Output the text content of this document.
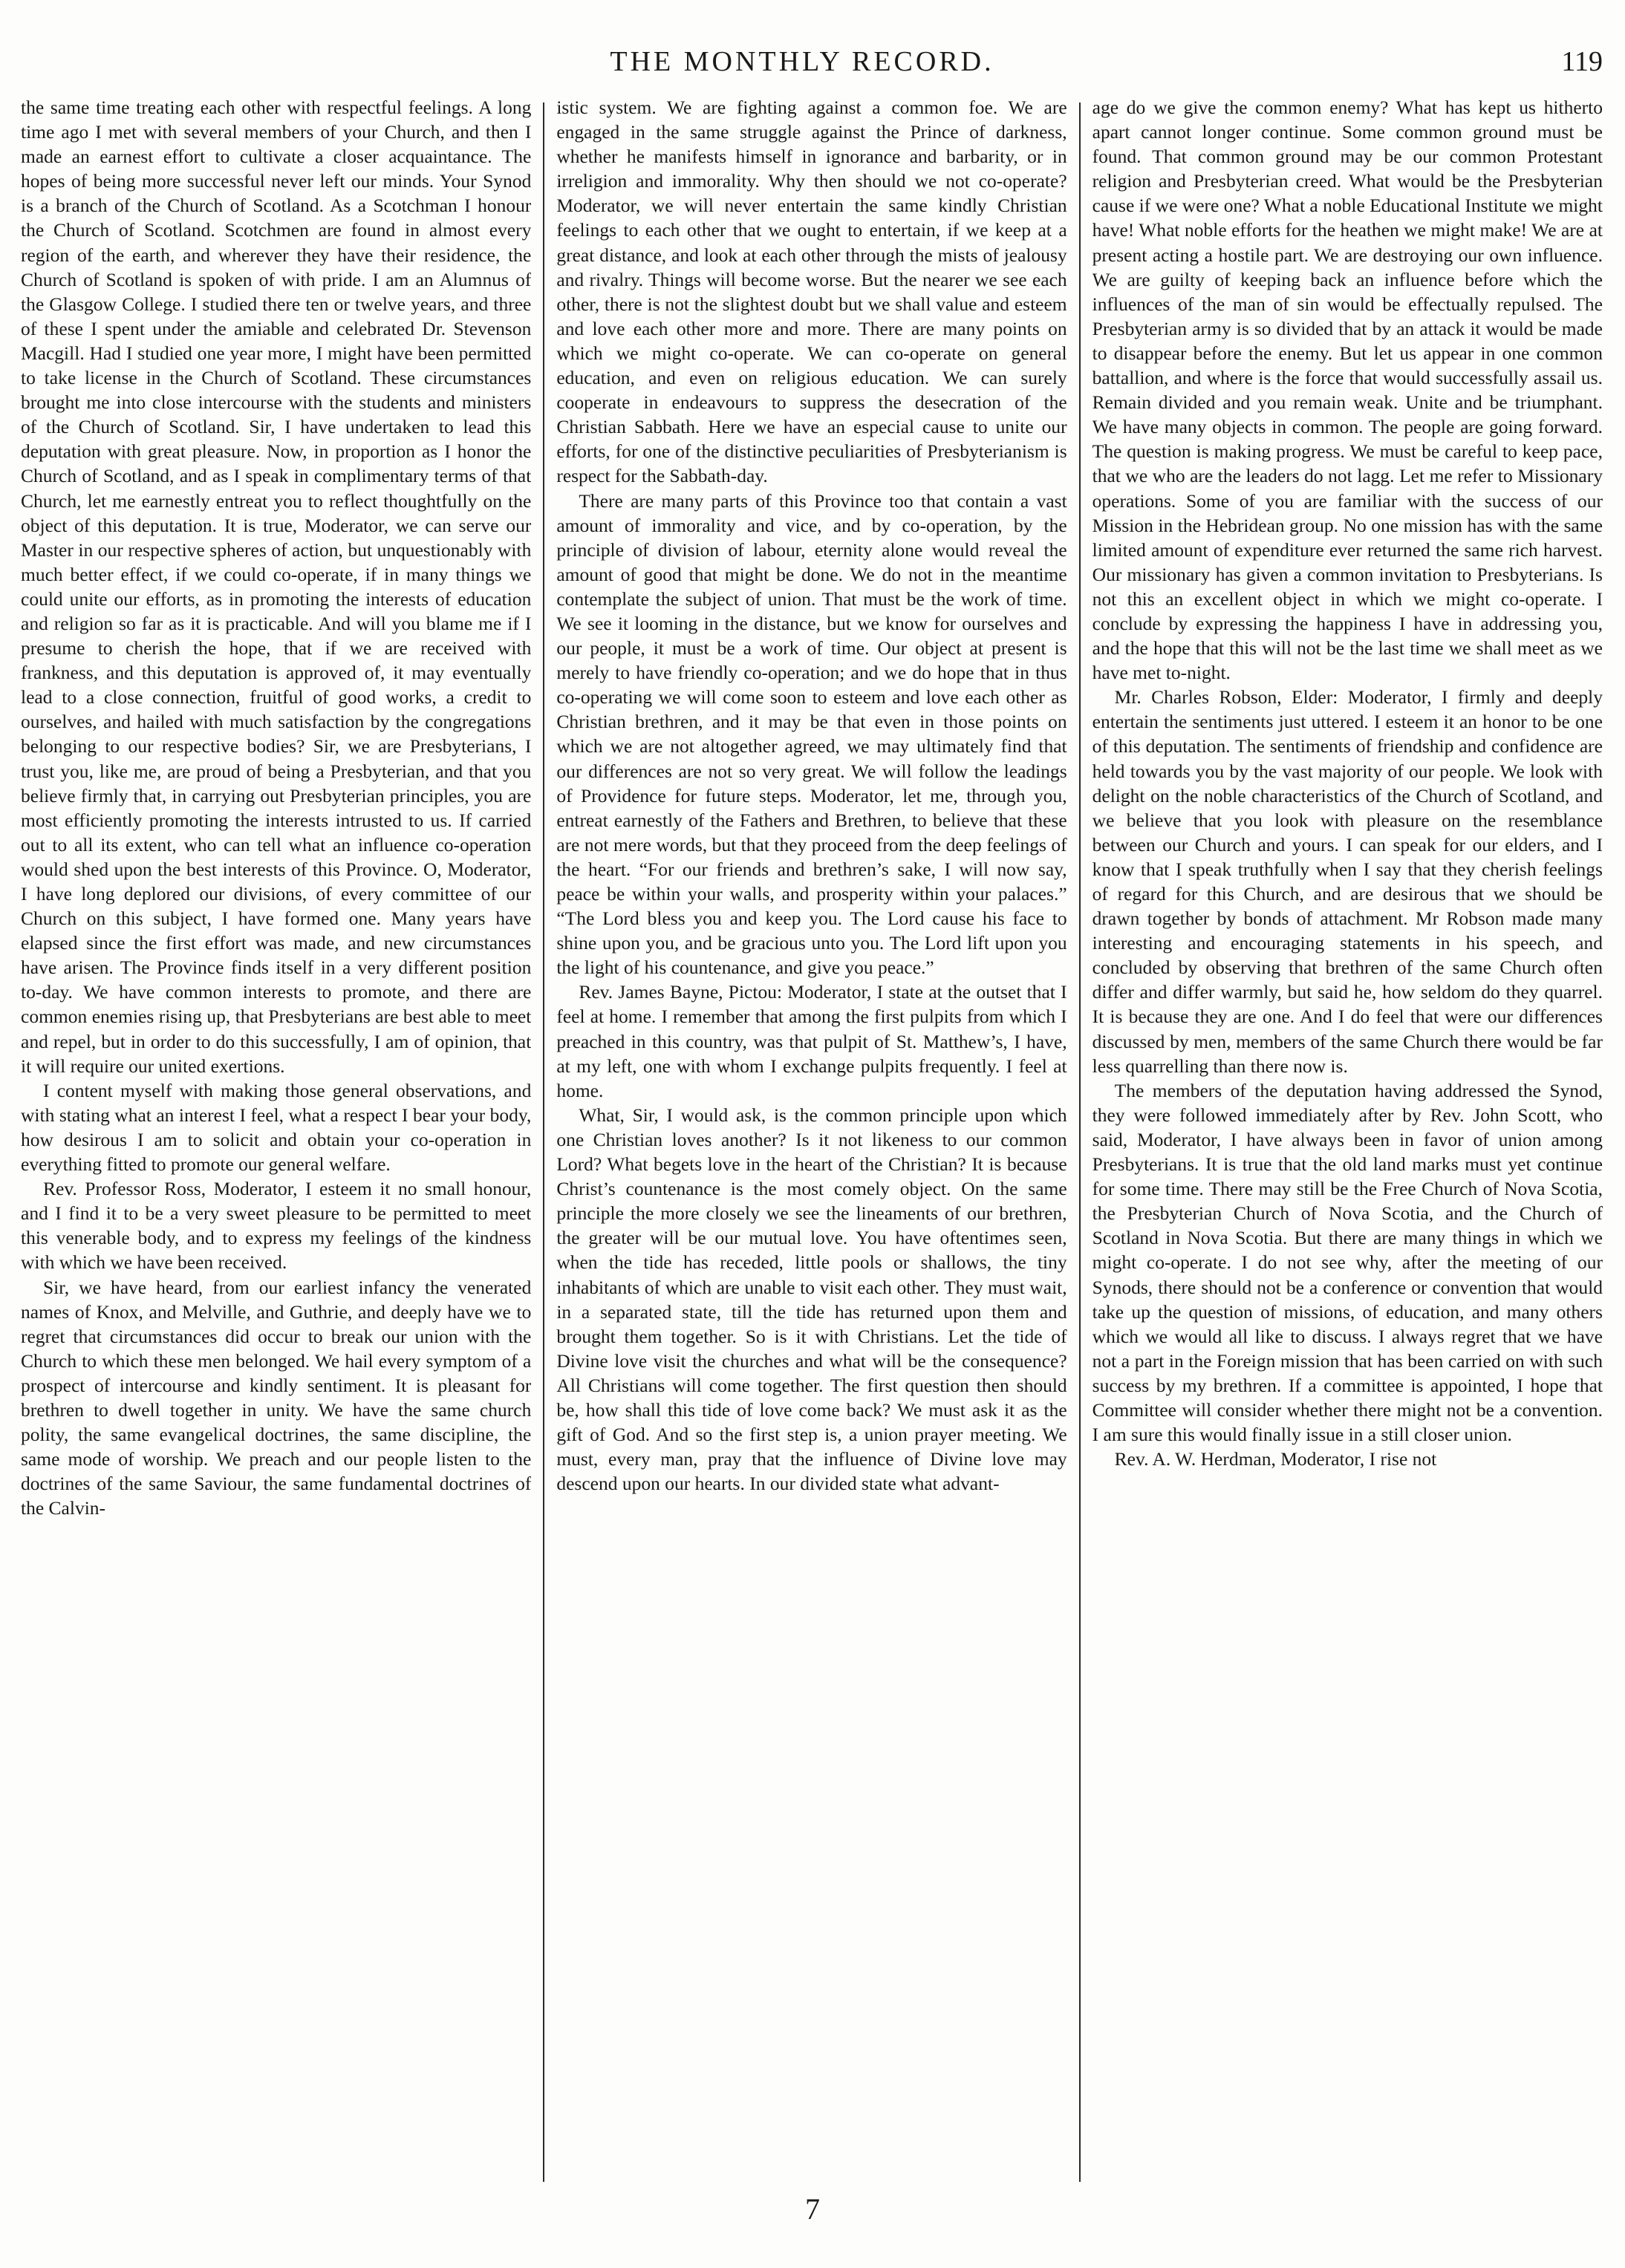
THE MONTHLY RECORD.	119

the same time treating each other with respectful feelings. A long time ago I met with several members of your Church, and then I made an earnest effort to cultivate a closer acquaintance. The hopes of being more successful never left our minds. Your Synod is a branch of the Church of Scotland. As a Scotchman I honour the Church of Scotland. Scotchmen are found in almost every region of the earth, and wherever they have their residence, the Church of Scotland is spoken of with pride. I am an Alumnus of the Glasgow College. I studied there ten or twelve years, and three of these I spent under the amiable and celebrated Dr. Stevenson Macgill. Had I studied one year more, I might have been permitted to take license in the Church of Scotland. These circumstances brought me into close intercourse with the students and ministers of the Church of Scotland. Sir, I have undertaken to lead this deputation with great pleasure. Now, in proportion as I honor the Church of Scotland, and as I speak in complimentary terms of that Church, let me earnestly entreat you to reflect thoughtfully on the object of this deputation. It is true, Moderator, we can serve our Master in our respective spheres of action, but unquestionably with much better effect, if we could co-operate, if in many things we could unite our efforts, as in promoting the interests of education and religion so far as it is practicable. And will you blame me if I presume to cherish the hope, that if we are received with frankness, and this deputation is approved of, it may eventually lead to a close connection, fruitful of good works, a credit to ourselves, and hailed with much satisfaction by the congregations belonging to our respective bodies? Sir, we are Presbyterians, I trust you, like me, are proud of being a Presbyterian, and that you believe firmly that, in carrying out Presbyterian principles, you are most efficiently promoting the interests intrusted to us. If carried out to all its extent, who can tell what an influence co-operation would shed upon the best interests of this Province. O, Moderator, I have long deplored our divisions, of every committee of our Church on this subject, I have formed one. Many years have elapsed since the first effort was made, and new circumstances have arisen. The Province finds itself in a very different position to-day. We have common interests to promote, and there are common enemies rising up, that Presbyterians are best able to meet and repel, but in order to do this successfully, I am of opinion, that it will require our united exertions.

I content myself with making those general observations, and with stating what an interest I feel, what a respect I bear your body, how desirous I am to solicit and obtain your co-operation in everything fitted to promote our general welfare.

Rev. Professor Ross, Moderator, I esteem it no small honour, and I find it to be a very sweet pleasure to be permitted to meet this venerable body, and to express my feelings of the kindness with which we have been received.

Sir, we have heard, from our earliest infancy the venerated names of Knox, and Melville, and Guthrie, and deeply have we to regret that circumstances did occur to break our union with the Church to which these men belonged. We hail every symptom of a prospect of intercourse and kindly sentiment. It is pleasant for brethren to dwell together in unity. We have the same church polity, the same evangelical doctrines, the same discipline, the same mode of worship. We preach and our people listen to the doctrines of the same Saviour, the same fundamental doctrines of the Calvin-

istic system. We are fighting against a common foe. We are engaged in the same struggle against the Prince of darkness, whether he manifests himself in ignorance and barbarity, or in irreligion and immorality. Why then should we not co-operate? Moderator, we will never entertain the same kindly Christian feelings to each other that we ought to entertain, if we keep at a great distance, and look at each other through the mists of jealousy and rivalry. Things will become worse. But the nearer we see each other, there is not the slightest doubt but we shall value and esteem and love each other more and more. There are many points on which we might co-operate. We can co-operate on general education, and even on religious education. We can surely cooperate in endeavours to suppress the desecration of the Christian Sabbath. Here we have an especial cause to unite our efforts, for one of the distinctive peculiarities of Presbyterianism is respect for the Sabbath-day.

There are many parts of this Province too that contain a vast amount of immorality and vice, and by co-operation, by the principle of division of labour, eternity alone would reveal the amount of good that might be done. We do not in the meantime contemplate the subject of union. That must be the work of time. We see it looming in the distance, but we know for ourselves and our people, it must be a work of time. Our object at present is merely to have friendly co-operation; and we do hope that in thus co-operating we will come soon to esteem and love each other as Christian brethren, and it may be that even in those points on which we are not altogether agreed, we may ultimately find that our differences are not so very great. We will follow the leadings of Providence for future steps. Moderator, let me, through you, entreat earnestly of the Fathers and Brethren, to believe that these are not mere words, but that they proceed from the deep feelings of the heart. “For our friends and brethren’s sake, I will now say, peace be within your walls, and prosperity within your palaces.” “The Lord bless you and keep you. The Lord cause his face to shine upon you, and be gracious unto you. The Lord lift upon you the light of his countenance, and give you peace.”

Rev. James Bayne, Pictou: Moderator, I state at the outset that I feel at home. I remember that among the first pulpits from which I preached in this country, was that pulpit of St. Matthew’s, I have, at my left, one with whom I exchange pulpits frequently. I feel at home.

What, Sir, I would ask, is the common principle upon which one Christian loves another? Is it not likeness to our common Lord? What begets love in the heart of the Christian? It is because Christ’s countenance is the most comely object. On the same principle the more closely we see the lineaments of our brethren, the greater will be our mutual love. You have oftentimes seen, when the tide has receded, little pools or shallows, the tiny inhabitants of which are unable to visit each other. They must wait, in a separated state, till the tide has returned upon them and brought them together. So is it with Christians. Let the tide of Divine love visit the churches and what will be the consequence? All Christians will come together. The first question then should be, how shall this tide of love come back? We must ask it as the gift of God. And so the first step is, a union prayer meeting. We must, every man, pray that the influence of Divine love may descend upon our hearts. In our divided state what advant-

age do we give the common enemy? What has kept us hitherto apart cannot longer continue. Some common ground must be found. That common ground may be our common Protestant religion and Presbyterian creed. What would be the Presbyterian cause if we were one? What a noble Educational Institute we might have! What noble efforts for the heathen we might make! We are at present acting a hostile part. We are destroying our own influence. We are guilty of keeping back an influence before which the influences of the man of sin would be effectually repulsed. The Presbyterian army is so divided that by an attack it would be made to disappear before the enemy. But let us appear in one common battallion, and where is the force that would successfully assail us. Remain divided and you remain weak. Unite and be triumphant. We have many objects in common. The people are going forward. The question is making progress. We must be careful to keep pace, that we who are the leaders do not lagg. Let me refer to Missionary operations. Some of you are familiar with the success of our Mission in the Hebridean group. No one mission has with the same limited amount of expenditure ever returned the same rich harvest. Our missionary has given a common invitation to Presbyterians. Is not this an excellent object in which we might co-operate. I conclude by expressing the happiness I have in addressing you, and the hope that this will not be the last time we shall meet as we have met to-night.

Mr. Charles Robson, Elder: Moderator, I firmly and deeply entertain the sentiments just uttered. I esteem it an honor to be one of this deputation. The sentiments of friendship and confidence are held towards you by the vast majority of our people. We look with delight on the noble characteristics of the Church of Scotland, and we believe that you look with pleasure on the resemblance between our Church and yours. I can speak for our elders, and I know that I speak truthfully when I say that they cherish feelings of regard for this Church, and are desirous that we should be drawn together by bonds of attachment. Mr Robson made many interesting and encouraging statements in his speech, and concluded by observing that brethren of the same Church often differ and differ warmly, but said he, how seldom do they quarrel. It is because they are one. And I do feel that were our differences discussed by men, members of the same Church there would be far less quarrelling than there now is.

The members of the deputation having addressed the Synod, they were followed immediately after by Rev. John Scott, who said, Moderator, I have always been in favor of union among Presbyterians. It is true that the old land marks must yet continue for some time. There may still be the Free Church of Nova Scotia, the Presbyterian Church of Nova Scotia, and the Church of Scotland in Nova Scotia. But there are many things in which we might co-operate. I do not see why, after the meeting of our Synods, there should not be a conference or convention that would take up the question of missions, of education, and many others which we would all like to discuss. I always regret that we have not a part in the Foreign mission that has been carried on with such success by my brethren. If a committee is appointed, I hope that Committee will consider whether there might not be a convention. I am sure this would finally issue in a still closer union.

Rev. A. W. Herdman, Moderator, I rise not

7
